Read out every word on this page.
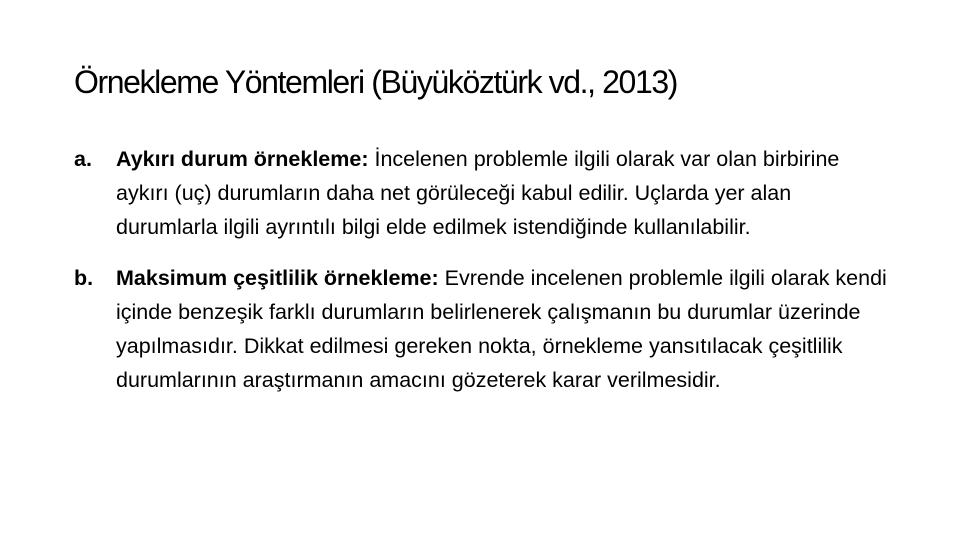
Örnekleme Yöntemleri (Büyüköztürk vd., 2013)
a. Aykırı durum örnekleme: İncelenen problemle ilgili olarak var olan birbirine aykırı (uç) durumların daha net görüleceği kabul edilir. Uçlarda yer alan durumlarla ilgili ayrıntılı bilgi elde edilmek istendiğinde kullanılabilir.
b. Maksimum çeşitlilik örnekleme: Evrende incelenen problemle ilgili olarak kendi içinde benzeşik farklı durumların belirlenerek çalışmanın bu durumlar üzerinde yapılmasıdır. Dikkat edilmesi gereken nokta, örnekleme yansıtılacak çeşitlilik durumlarının araştırmanın amacını gözeterek karar verilmesidir.
